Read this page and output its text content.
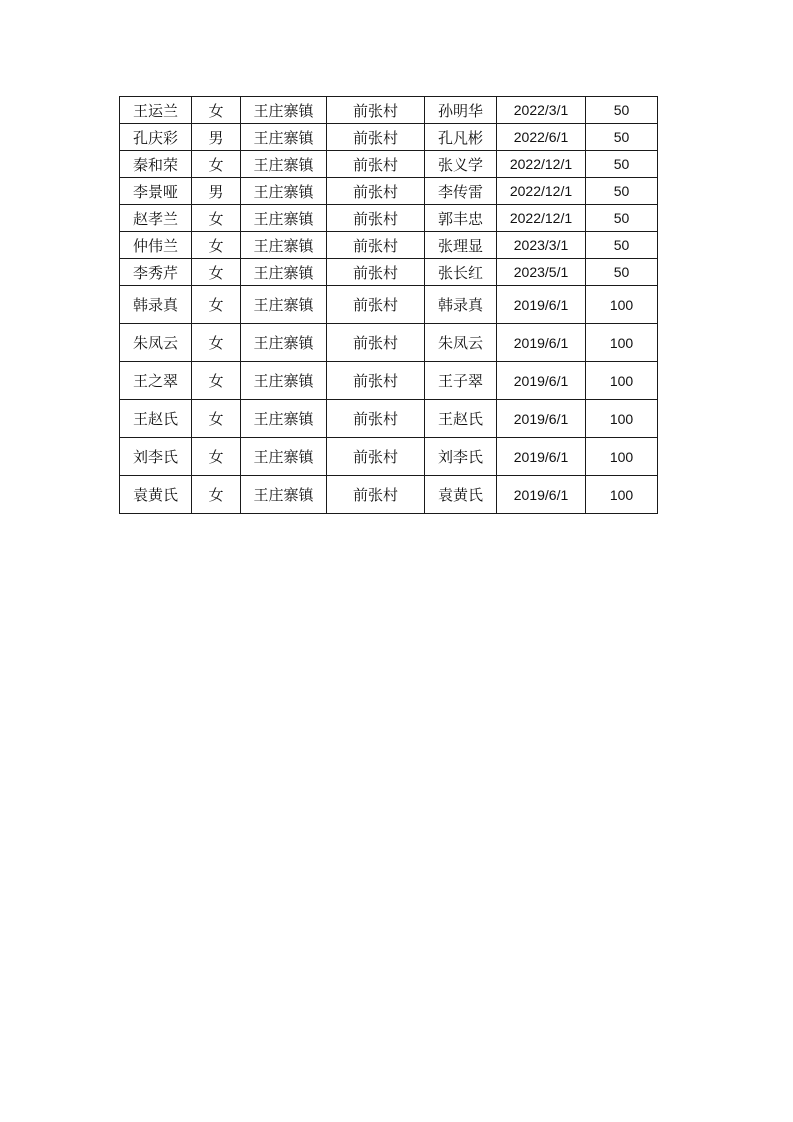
王运兰	女	王庄寨镇	前张村	孙明华	2022/3/1	50
孔庆彩	男	王庄寨镇	前张村	孔凡彬	2022/6/1	50
秦和荣	女	王庄寨镇	前张村	张义学	2022/12/1	50
李景哑	男	王庄寨镇	前张村	李传雷	2022/12/1	50
赵孝兰	女	王庄寨镇	前张村	郭丰忠	2022/12/1	50
仲伟兰	女	王庄寨镇	前张村	张理显	2023/3/1	50
李秀芹	女	王庄寨镇	前张村	张长红	2023/5/1	50
韩录真	女	王庄寨镇	前张村	韩录真	2019/6/1	100
朱凤云	女	王庄寨镇	前张村	朱凤云	2019/6/1	100
王之翠	女	王庄寨镇	前张村	王子翠	2019/6/1	100
王赵氏	女	王庄寨镇	前张村	王赵氏	2019/6/1	100
刘李氏	女	王庄寨镇	前张村	刘李氏	2019/6/1	100
袁黄氏	女	王庄寨镇	前张村	袁黄氏	2019/6/1	100
